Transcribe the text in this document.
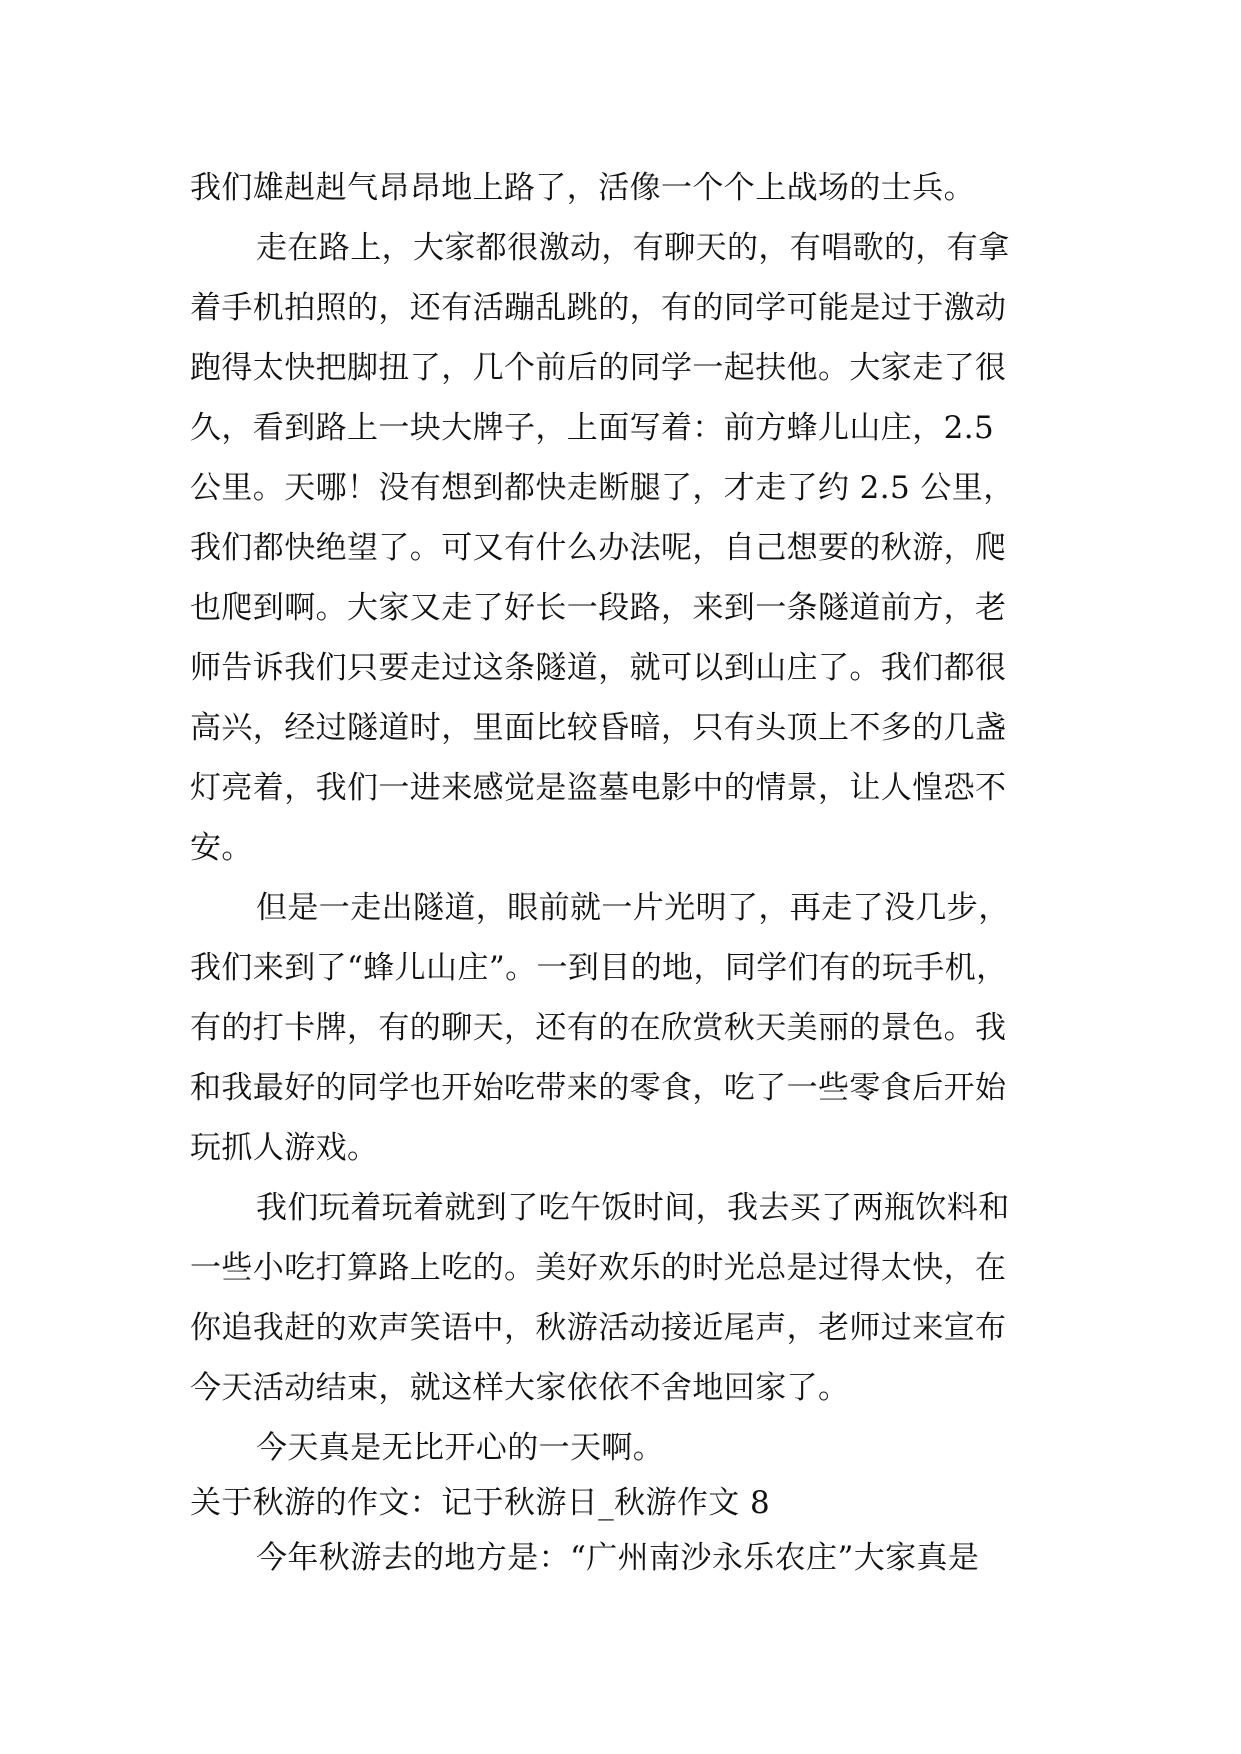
我们雄赳赳气昂昂地上路了，活像一个个上战场的士兵。
走在路上，大家都很激动，有聊天的，有唱歌的，有拿
着手机拍照的，还有活蹦乱跳的，有的同学可能是过于激动
跑得太快把脚扭了，几个前后的同学一起扶他。大家走了很
久，看到路上一块大牌子，上面写着：前方蜂儿山庄，2.5
公里。天哪！没有想到都快走断腿了，才走了约 2.5 公里，
我们都快绝望了。可又有什么办法呢，自己想要的秋游，爬
也爬到啊。大家又走了好长一段路，来到一条隧道前方，老
师告诉我们只要走过这条隧道，就可以到山庄了。我们都很
高兴，经过隧道时，里面比较昏暗，只有头顶上不多的几盏
灯亮着，我们一进来感觉是盗墓电影中的情景，让人惶恐不
安。
但是一走出隧道，眼前就一片光明了，再走了没几步，
我们来到了“蜂儿山庄”。一到目的地，同学们有的玩手机，
有的打卡牌，有的聊天，还有的在欣赏秋天美丽的景色。我
和我最好的同学也开始吃带来的零食，吃了一些零食后开始
玩抓人游戏。
我们玩着玩着就到了吃午饭时间，我去买了两瓶饮料和
一些小吃打算路上吃的。美好欢乐的时光总是过得太快，在
你追我赶的欢声笑语中，秋游活动接近尾声，老师过来宣布
今天活动结束，就这样大家依依不舍地回家了。
今天真是无比开心的一天啊。
关于秋游的作文：记于秋游日_秋游作文 8
今年秋游去的地方是：“广州南沙永乐农庄”大家真是
